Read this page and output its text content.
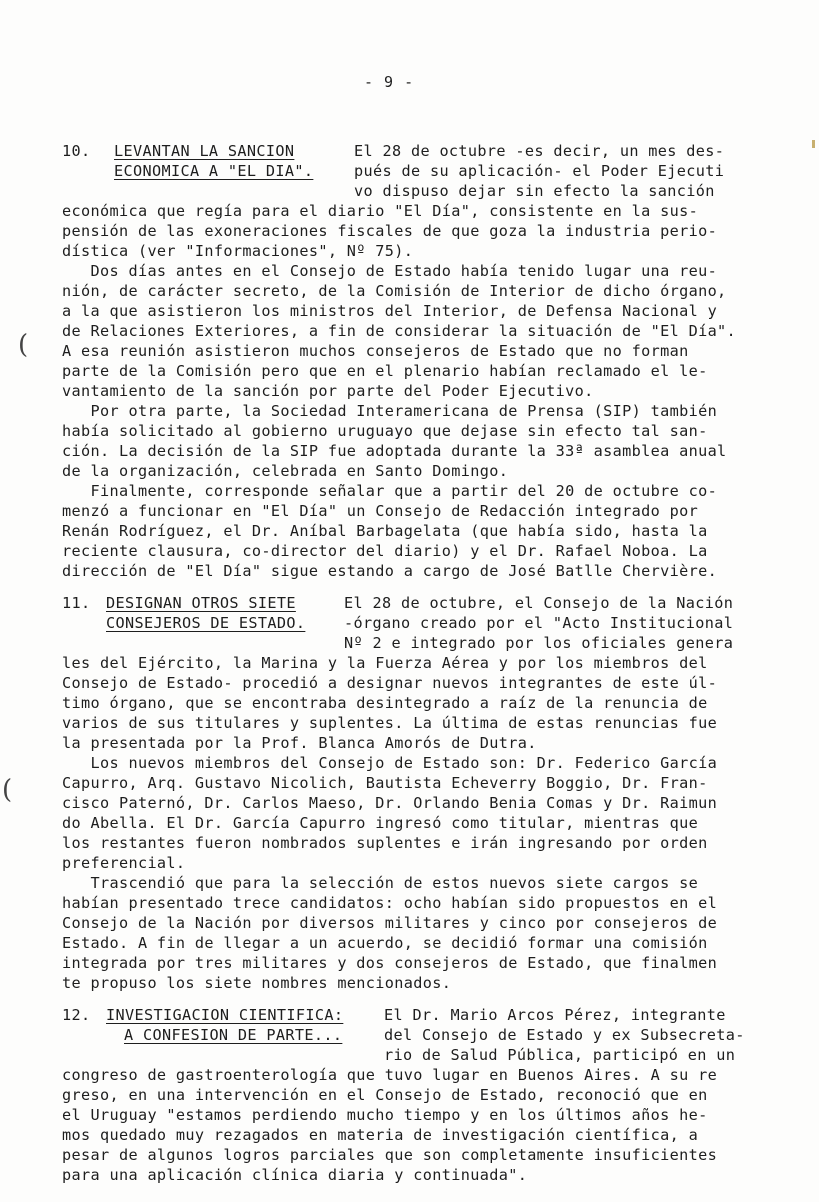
(
(
- 9 -
10. LEVANTAN LA SANCION
ECONOMICA A "EL DIA".
El 28 de octubre -es decir, un mes des-
pués de su aplicación- el Poder Ejecuti
vo dispuso dejar sin efecto la sanción
económica que regía para el diario "El Día", consistente en la sus-
pensión de las exoneraciones fiscales de que goza la industria perio-
dística (ver "Informaciones", Nº 75).
Dos días antes en el Consejo de Estado había tenido lugar una reu-
nión, de carácter secreto, de la Comisión de Interior de dicho órgano,
a la que asistieron los ministros del Interior, de Defensa Nacional y
de Relaciones Exteriores, a fin de considerar la situación de "El Día".
A esa reunión asistieron muchos consejeros de Estado que no forman
parte de la Comisión pero que en el plenario habían reclamado el le-
vantamiento de la sanción por parte del Poder Ejecutivo.
Por otra parte, la Sociedad Interamericana de Prensa (SIP) también
había solicitado al gobierno uruguayo que dejase sin efecto tal san-
ción. La decisión de la SIP fue adoptada durante la 33ª asamblea anual
de la organización, celebrada en Santo Domingo.
Finalmente, corresponde señalar que a partir del 20 de octubre co-
menzó a funcionar en "El Día" un Consejo de Redacción integrado por
Renán Rodríguez, el Dr. Aníbal Barbagelata (que había sido, hasta la
reciente clausura, co-director del diario) y el Dr. Rafael Noboa. La
dirección de "El Día" sigue estando a cargo de José Batlle Chervière.
11. DESIGNAN OTROS SIETE
CONSEJEROS DE ESTADO.
El 28 de octubre, el Consejo de la Nación
-órgano creado por el "Acto Institucional
Nº 2 e integrado por los oficiales genera
les del Ejército, la Marina y la Fuerza Aérea y por los miembros del
Consejo de Estado- procedió a designar nuevos integrantes de este úl-
timo órgano, que se encontraba desintegrado a raíz de la renuncia de
varios de sus titulares y suplentes. La última de estas renuncias fue
la presentada por la Prof. Blanca Amorós de Dutra.
Los nuevos miembros del Consejo de Estado son: Dr. Federico García
Capurro, Arq. Gustavo Nicolich, Bautista Echeverry Boggio, Dr. Fran-
cisco Paternó, Dr. Carlos Maeso, Dr. Orlando Benia Comas y Dr. Raimun
do Abella. El Dr. García Capurro ingresó como titular, mientras que
los restantes fueron nombrados suplentes e irán ingresando por orden
preferencial.
Trascendió que para la selección de estos nuevos siete cargos se
habían presentado trece candidatos: ocho habían sido propuestos en el
Consejo de la Nación por diversos militares y cinco por consejeros de
Estado. A fin de llegar a un acuerdo, se decidió formar una comisión
integrada por tres militares y dos consejeros de Estado, que finalmen
te propuso los siete nombres mencionados.
12. INVESTIGACION CIENTIFICA:
A CONFESION DE PARTE...
El Dr. Mario Arcos Pérez, integrante
del Consejo de Estado y ex Subsecreta-
rio de Salud Pública, participó en un
congreso de gastroenterología que tuvo lugar en Buenos Aires. A su re
greso, en una intervención en el Consejo de Estado, reconoció que en
el Uruguay "estamos perdiendo mucho tiempo y en los últimos años he-
mos quedado muy rezagados en materia de investigación científica, a
pesar de algunos logros parciales que son completamente insuficientes
para una aplicación clínica diaria y continuada".
